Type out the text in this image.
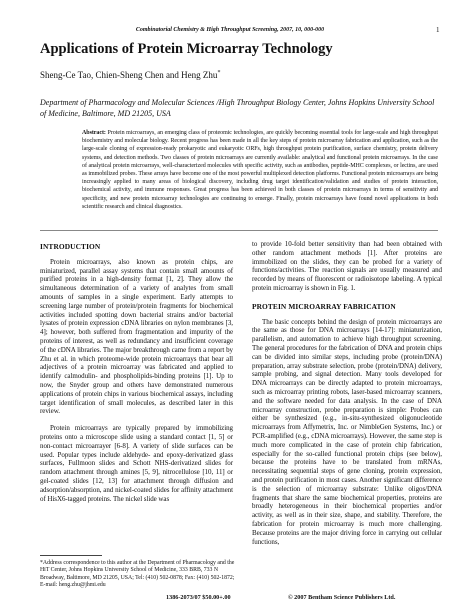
Combinatorial Chemistry & High Throughput Screening, 2007, 10, 000-000	1
Applications of Protein Microarray Technology
Sheng-Ce Tao, Chien-Sheng Chen and Heng Zhu*
Department of Pharmacology and Molecular Sciences /High Throughput Biology Center, Johns Hopkins University School of Medicine, Baltimore, MD 21205, USA
Abstract: Protein microarrays, an emerging class of proteomic technologies, are quickly becoming essential tools for large-scale and high throughput biochemistry and molecular biology. Recent progress has been made in all the key steps of protein microarray fabrication and application, such as the large-scale cloning of expression-ready prokaryotic and eukaryotic ORFs, high throughput protein purification, surface chemistry, protein delivery systems, and detection methods. Two classes of protein microarrays are currently available: analytical and functional protein microarrays. In the case of analytical protein microarrays, well-characterized molecules with specific activity, such as antibodies, peptide-MHC complexes, or lectins, are used as immobilized probes. These arrays have become one of the most powerful multiplexed detection platforms. Functional protein microarrays are being increasingly applied to many areas of biological discovery, including drug target identification/validation and studies of protein interaction, biochemical activity, and immune responses. Great progress has been achieved in both classes of protein microarrays in terms of sensitivity and specificity, and new protein microarray technologies are continuing to emerge. Finally, protein microarrays have found novel applications in both scientific research and clinical diagnostics.
INTRODUCTION

Protein microarrays, also known as protein chips, are miniaturized, parallel assay systems that contain small amounts of purified proteins in a high-density format [1, 2]. They allow the simultaneous determination of a variety of analytes from small amounts of samples in a single experiment. Early attempts to screening large number of protein/protein fragments for biochemical activities included spotting down bacterial strains and/or bacterial lysates of protein expression cDNA libraries on nylon membranes [3, 4]; however, both suffered from fragmentation and impurity of the proteins of interest, as well as redundancy and insufficient coverage of the cDNA libraries. The major breakthrough came from a report by Zhu et al. in which proteome-wide protein microarrays that bear all adjectives of a protein microarray was fabricated and applied to identify calmodulin- and phospholipids-binding proteins [1]. Up to now, the Snyder group and others have demonstrated numerous applications of protein chips in various biochemical assays, including target identification of small molecules, as described later in this review.

Protein microarrays are typically prepared by immobilizing proteins onto a microscope slide using a standard contact [1, 5] or non-contact microarrayer [6-8]. A variety of slide surfaces can be used. Popular types include aldehyde- and epoxy-derivatized glass surfaces, Fullmoon slides and Schott NHS-derivatized slides for random attachment through amines [5, 9], nitrocellulose [10, 11] or gel-coated slides [12, 13] for attachment through diffusion and adsorption/absorption, and nickel-coated slides for affinity attachment of HisX6-tagged proteins. The nickel slide was

to provide 10-fold better sensitivity than had been obtained with other random attachment methods [1]. After proteins are immobilized on the slides, they can be probed for a variety of functions/activities. The reaction signals are usually measured and recorded by means of fluorescent or radioisotope labeling. A typical protein microarray is shown in Fig. 1.

PROTEIN MICROARRAY FABRICATION

The basic concepts behind the design of protein microarrays are the same as those for DNA microarrays [14-17]: miniaturization, parallelism, and automation to achieve high throughput screening. The general procedures for the fabrication of DNA and protein chips can be divided into similar steps, including probe (protein/DNA) preparation, array substrate selection, probe (protein/DNA) delivery, sample probing, and signal detection. Many tools developed for DNA microarrays can be directly adapted to protein microarrays, such as microarray printing robots, laser-based microarray scanners, and the software needed for data analysis. In the case of DNA microarray construction, probe preparation is simple: Probes can either be synthesized (e.g., in-situ-synthesized oligonucleotide microarrays from Affymetrix, Inc. or NimbleGen Systems, Inc.) or PCR-amplified (e.g., cDNA microarrays). However, the same step is much more complicated in the case of protein chip fabrication, especially for the so-called functional protein chips (see below), because the proteins have to be translated from mRNAs, necessitating sequential steps of gene cloning, protein expression, and protein purification in most cases. Another significant difference is the selection of microarray substrate: Unlike oligos/DNA fragments that share the same biochemical properties, proteins are broadly heterogeneous in their biochemical properties and/or activity, as well as in their size, shape, and stability. Therefore, the fabrication for protein microarray is much more challenging. Because proteins are the major driving force in carrying out cellular functions,

*Address correspondence to this author at the Department of Pharmacology and the HiT Center, Johns Hopkins University School of Medicine, 333 BRB, 733 N Broadway, Baltimore, MD 21205, USA; Tel: (410) 502-0878; Fax: (410) 502-1872; E-mail: heng.zhu@jhmi.edu
1386-2073/07 $50.00+.00	© 2007 Bentham Science Publishers Ltd.
